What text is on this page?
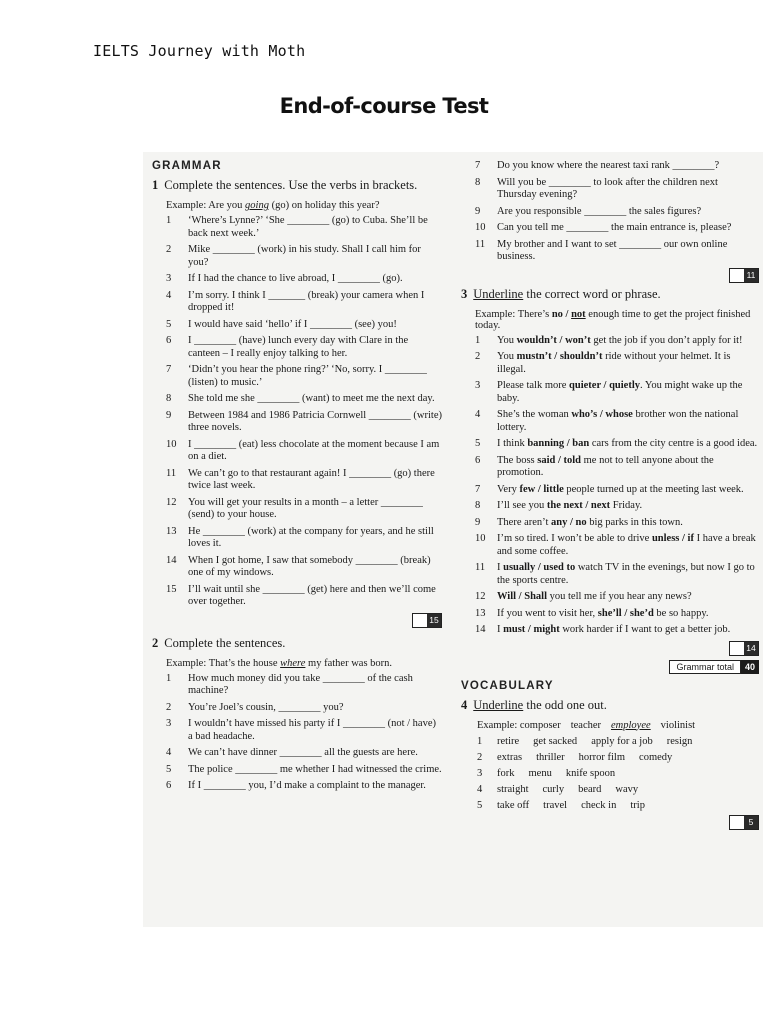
IELTS Journey with Moth
End-of-course Test
GRAMMAR
1 Complete the sentences. Use the verbs in brackets.
Example: Are you going (go) on holiday this year?
1	‘Where’s Lynne?’ ‘She ________ (go) to Cuba. She’ll be back next week.’
2	Mike ________ (work) in his study. Shall I call him for you?
3	If I had the chance to live abroad, I ________ (go).
4	I’m sorry. I think I _______ (break) your camera when I dropped it!
5	I would have said ‘hello’ if I ________ (see) you!
6	I ________ (have) lunch every day with Clare in the canteen – I really enjoy talking to her.
7	‘Didn’t you hear the phone ring?’ ‘No, sorry. I ________ (listen) to music.’
8	She told me she ________ (want) to meet me the next day.
9	Between 1984 and 1986 Patricia Cornwell ________ (write) three novels.
10	I ________ (eat) less chocolate at the moment because I am on a diet.
11	We can’t go to that restaurant again! I ________ (go) there twice last week.
12	You will get your results in a month – a letter ________ (send) to your house.
13	He ________ (work) at the company for years, and he still loves it.
14	When I got home, I saw that somebody ________ (break) one of my windows.
15	I’ll wait until she ________ (get) here and then we’ll come over together.
15
2 Complete the sentences.
Example: That’s the house where my father was born.
1	How much money did you take ________ of the cash machine?
2	You’re Joel’s cousin, ________ you?
3	I wouldn’t have missed his party if I ________ (not / have) a bad headache.
4	We can’t have dinner ________ all the guests are here.
5	The police ________ me whether I had witnessed the crime.
6	If I ________ you, I’d make a complaint to the manager.
7	Do you know where the nearest taxi rank ________?
8	Will you be ________ to look after the children next Thursday evening?
9	Are you responsible ________ the sales figures?
10	Can you tell me ________ the main entrance is, please?
11	My brother and I want to set ________ our own online business.
11
3 Underline the correct word or phrase.
Example: There’s no / not enough time to get the project finished today.
1	You wouldn’t / won’t get the job if you don’t apply for it!
2	You mustn’t / shouldn’t ride without your helmet. It is illegal.
3	Please talk more quieter / quietly. You might wake up the baby.
4	She’s the woman who’s / whose brother won the national lottery.
5	I think banning / ban cars from the city centre is a good idea.
6	The boss said / told me not to tell anyone about the promotion.
7	Very few / little people turned up at the meeting last week.
8	I’ll see you the next / next Friday.
9	There aren’t any / no big parks in this town.
10	I’m so tired. I won’t be able to drive unless / if I have a break and some coffee.
11	I usually / used to watch TV in the evenings, but now I go to the sports centre.
12	Will / Shall you tell me if you hear any news?
13	If you went to visit her, she’ll / she’d be so happy.
14	I must / might work harder if I want to get a better job.
14
Grammar total	40
VOCABULARY
4 Underline the odd one out.
Example: composer teacher employee violinist
1	retire get sacked apply for a job resign
2	extras thriller horror film comedy
3	fork menu knife spoon
4	straight curly beard wavy
5	take off travel check in trip
5
